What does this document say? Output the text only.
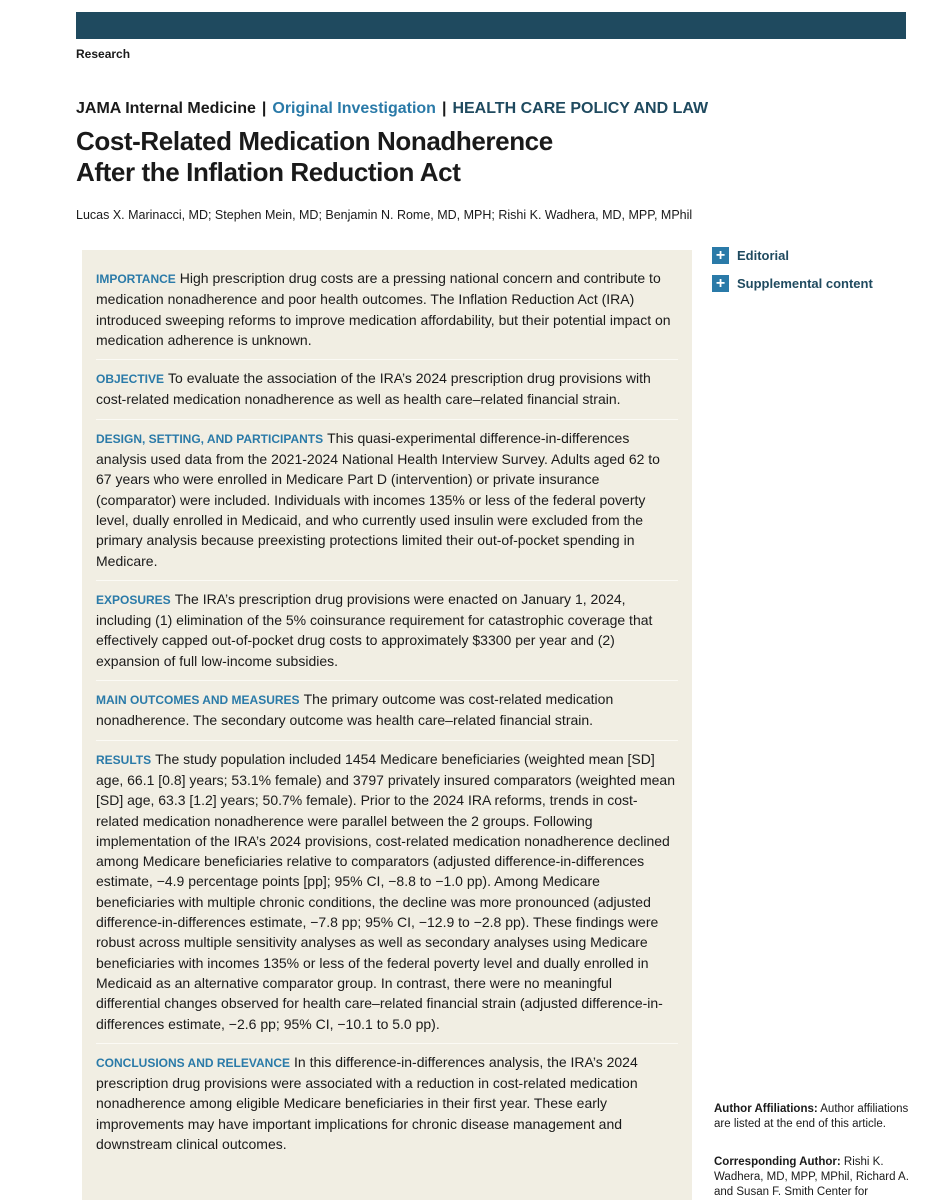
Research
JAMA Internal Medicine | Original Investigation | HEALTH CARE POLICY AND LAW
Cost-Related Medication Nonadherence
After the Inflation Reduction Act
Lucas X. Marinacci, MD; Stephen Mein, MD; Benjamin N. Rome, MD, MPH; Rishi K. Wadhera, MD, MPP, MPhil
IMPORTANCE High prescription drug costs are a pressing national concern and contribute to medication nonadherence and poor health outcomes. The Inflation Reduction Act (IRA) introduced sweeping reforms to improve medication affordability, but their potential impact on medication adherence is unknown.
OBJECTIVE To evaluate the association of the IRA’s 2024 prescription drug provisions with cost-related medication nonadherence as well as health care–related financial strain.
DESIGN, SETTING, AND PARTICIPANTS This quasi-experimental difference-in-differences analysis used data from the 2021-2024 National Health Interview Survey. Adults aged 62 to 67 years who were enrolled in Medicare Part D (intervention) or private insurance (comparator) were included. Individuals with incomes 135% or less of the federal poverty level, dually enrolled in Medicaid, and who currently used insulin were excluded from the primary analysis because preexisting protections limited their out-of-pocket spending in Medicare.
EXPOSURES The IRA’s prescription drug provisions were enacted on January 1, 2024, including (1) elimination of the 5% coinsurance requirement for catastrophic coverage that effectively capped out-of-pocket drug costs to approximately $3300 per year and (2) expansion of full low-income subsidies.
MAIN OUTCOMES AND MEASURES The primary outcome was cost-related medication nonadherence. The secondary outcome was health care–related financial strain.
RESULTS The study population included 1454 Medicare beneficiaries (weighted mean [SD] age, 66.1 [0.8] years; 53.1% female) and 3797 privately insured comparators (weighted mean [SD] age, 63.3 [1.2] years; 50.7% female). Prior to the 2024 IRA reforms, trends in cost-related medication nonadherence were parallel between the 2 groups. Following implementation of the IRA’s 2024 provisions, cost-related medication nonadherence declined among Medicare beneficiaries relative to comparators (adjusted difference-in-differences estimate, −4.9 percentage points [pp]; 95% CI, −8.8 to −1.0 pp). Among Medicare beneficiaries with multiple chronic conditions, the decline was more pronounced (adjusted difference-in-differences estimate, −7.8 pp; 95% CI, −12.9 to −2.8 pp). These findings were robust across multiple sensitivity analyses as well as secondary analyses using Medicare beneficiaries with incomes 135% or less of the federal poverty level and dually enrolled in Medicaid as an alternative comparator group. In contrast, there were no meaningful differential changes observed for health care–related financial strain (adjusted difference-in-differences estimate, −2.6 pp; 95% CI, −10.1 to 5.0 pp).
CONCLUSIONS AND RELEVANCE In this difference-in-differences analysis, the IRA’s 2024 prescription drug provisions were associated with a reduction in cost-related medication nonadherence among eligible Medicare beneficiaries in their first year. These early improvements may have important implications for chronic disease management and downstream clinical outcomes.
+ Editorial
+ Supplemental content
Author Affiliations: Author affiliations are listed at the end of this article.
Corresponding Author: Rishi K. Wadhera, MD, MPP, MPhil, Richard A. and Susan F. Smith Center for
